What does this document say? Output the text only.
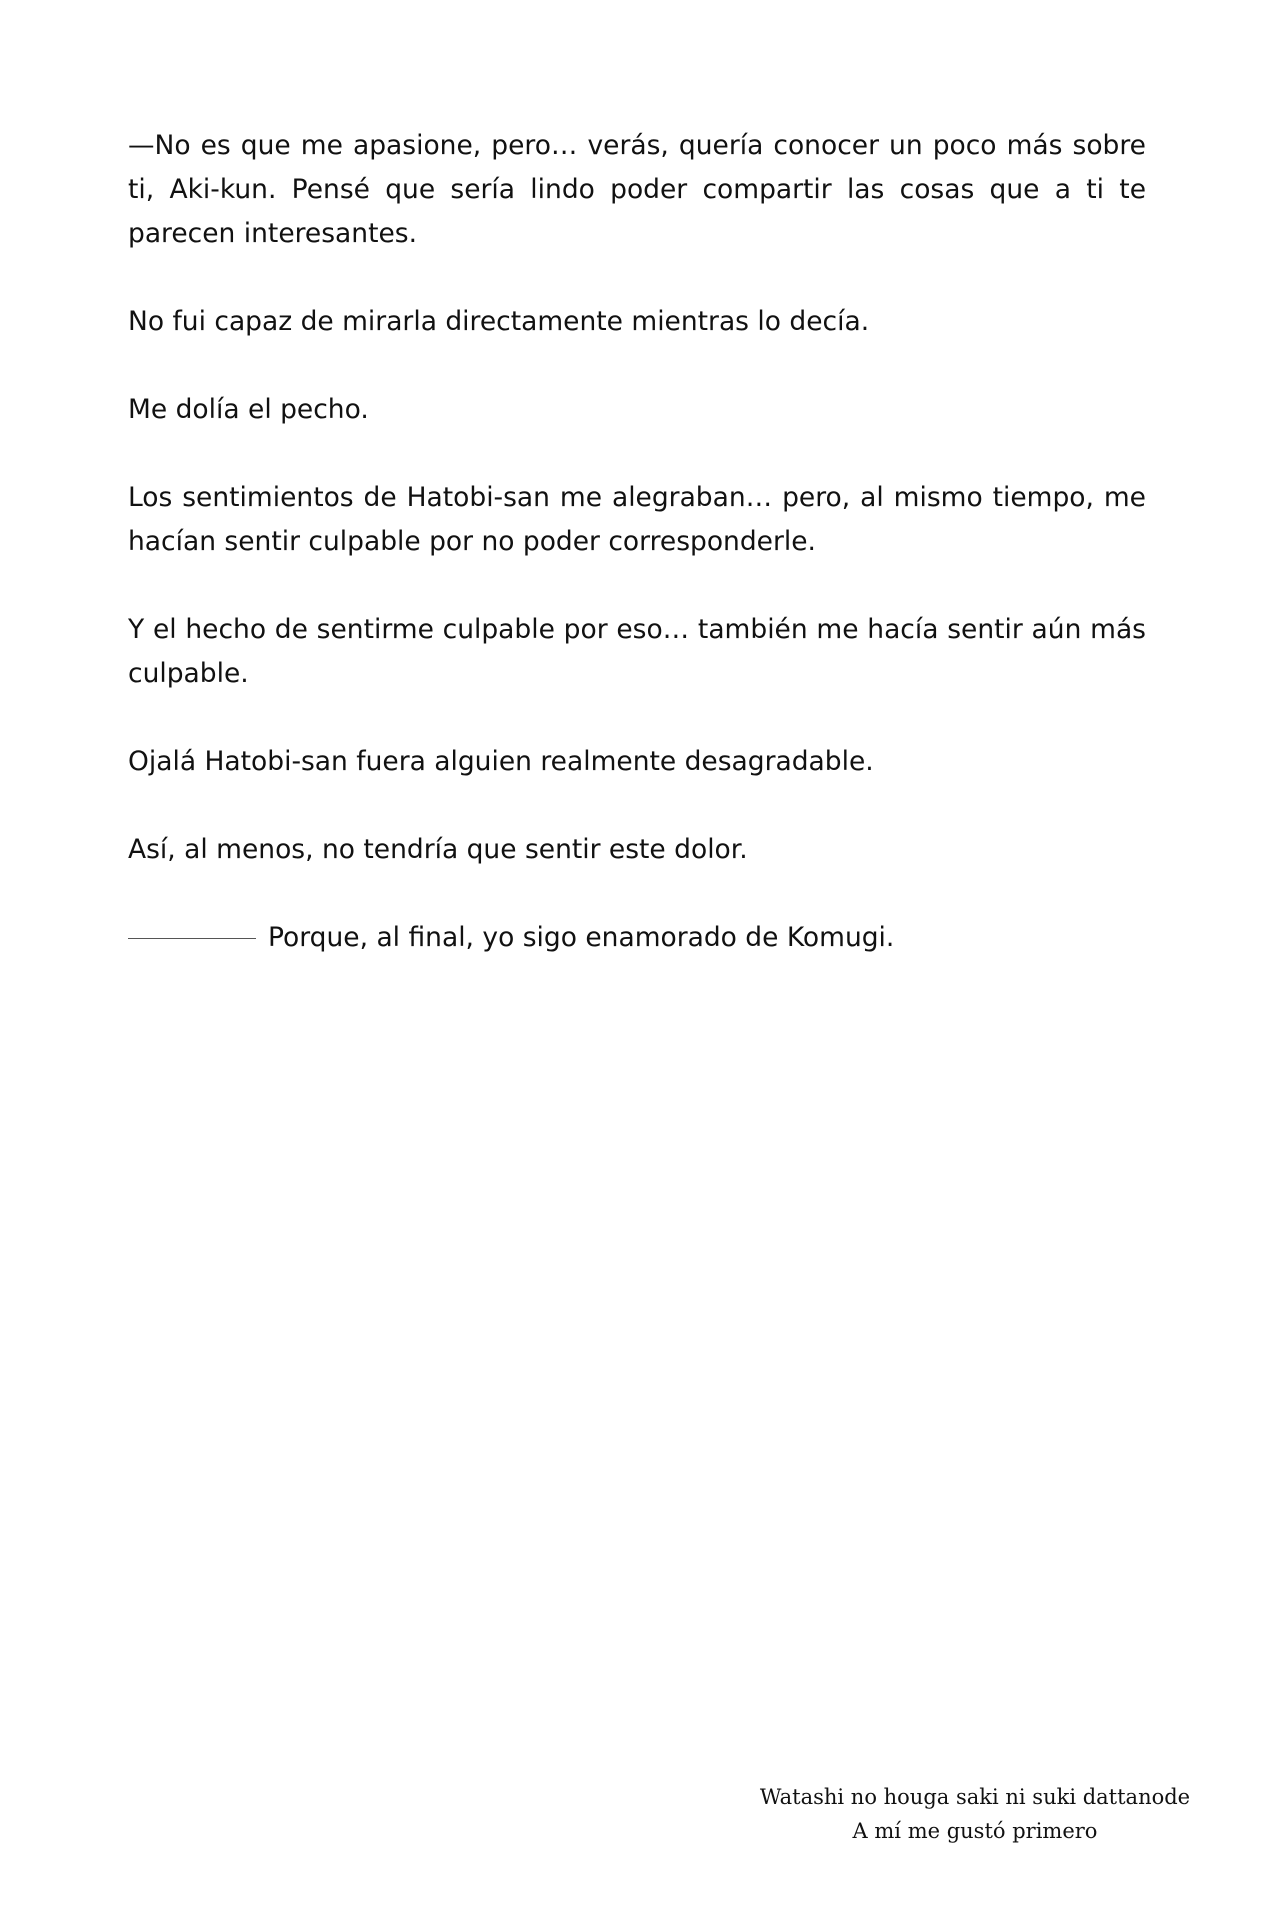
—No es que me apasione, pero… verás, quería conocer un poco más sobre ti, Aki-kun. Pensé que sería lindo poder compartir las cosas que a ti te parecen interesantes.

No fui capaz de mirarla directamente mientras lo decía.

Me dolía el pecho.

Los sentimientos de Hatobi-san me alegraban… pero, al mismo tiempo, me hacían sentir culpable por no poder corresponderle.

Y el hecho de sentirme culpable por eso… también me hacía sentir aún más culpable.

Ojalá Hatobi-san fuera alguien realmente desagradable.

Así, al menos, no tendría que sentir este dolor.

Porque, al final, yo sigo enamorado de Komugi.

Watashi no houga saki ni suki dattanode
A mí me gustó primero
